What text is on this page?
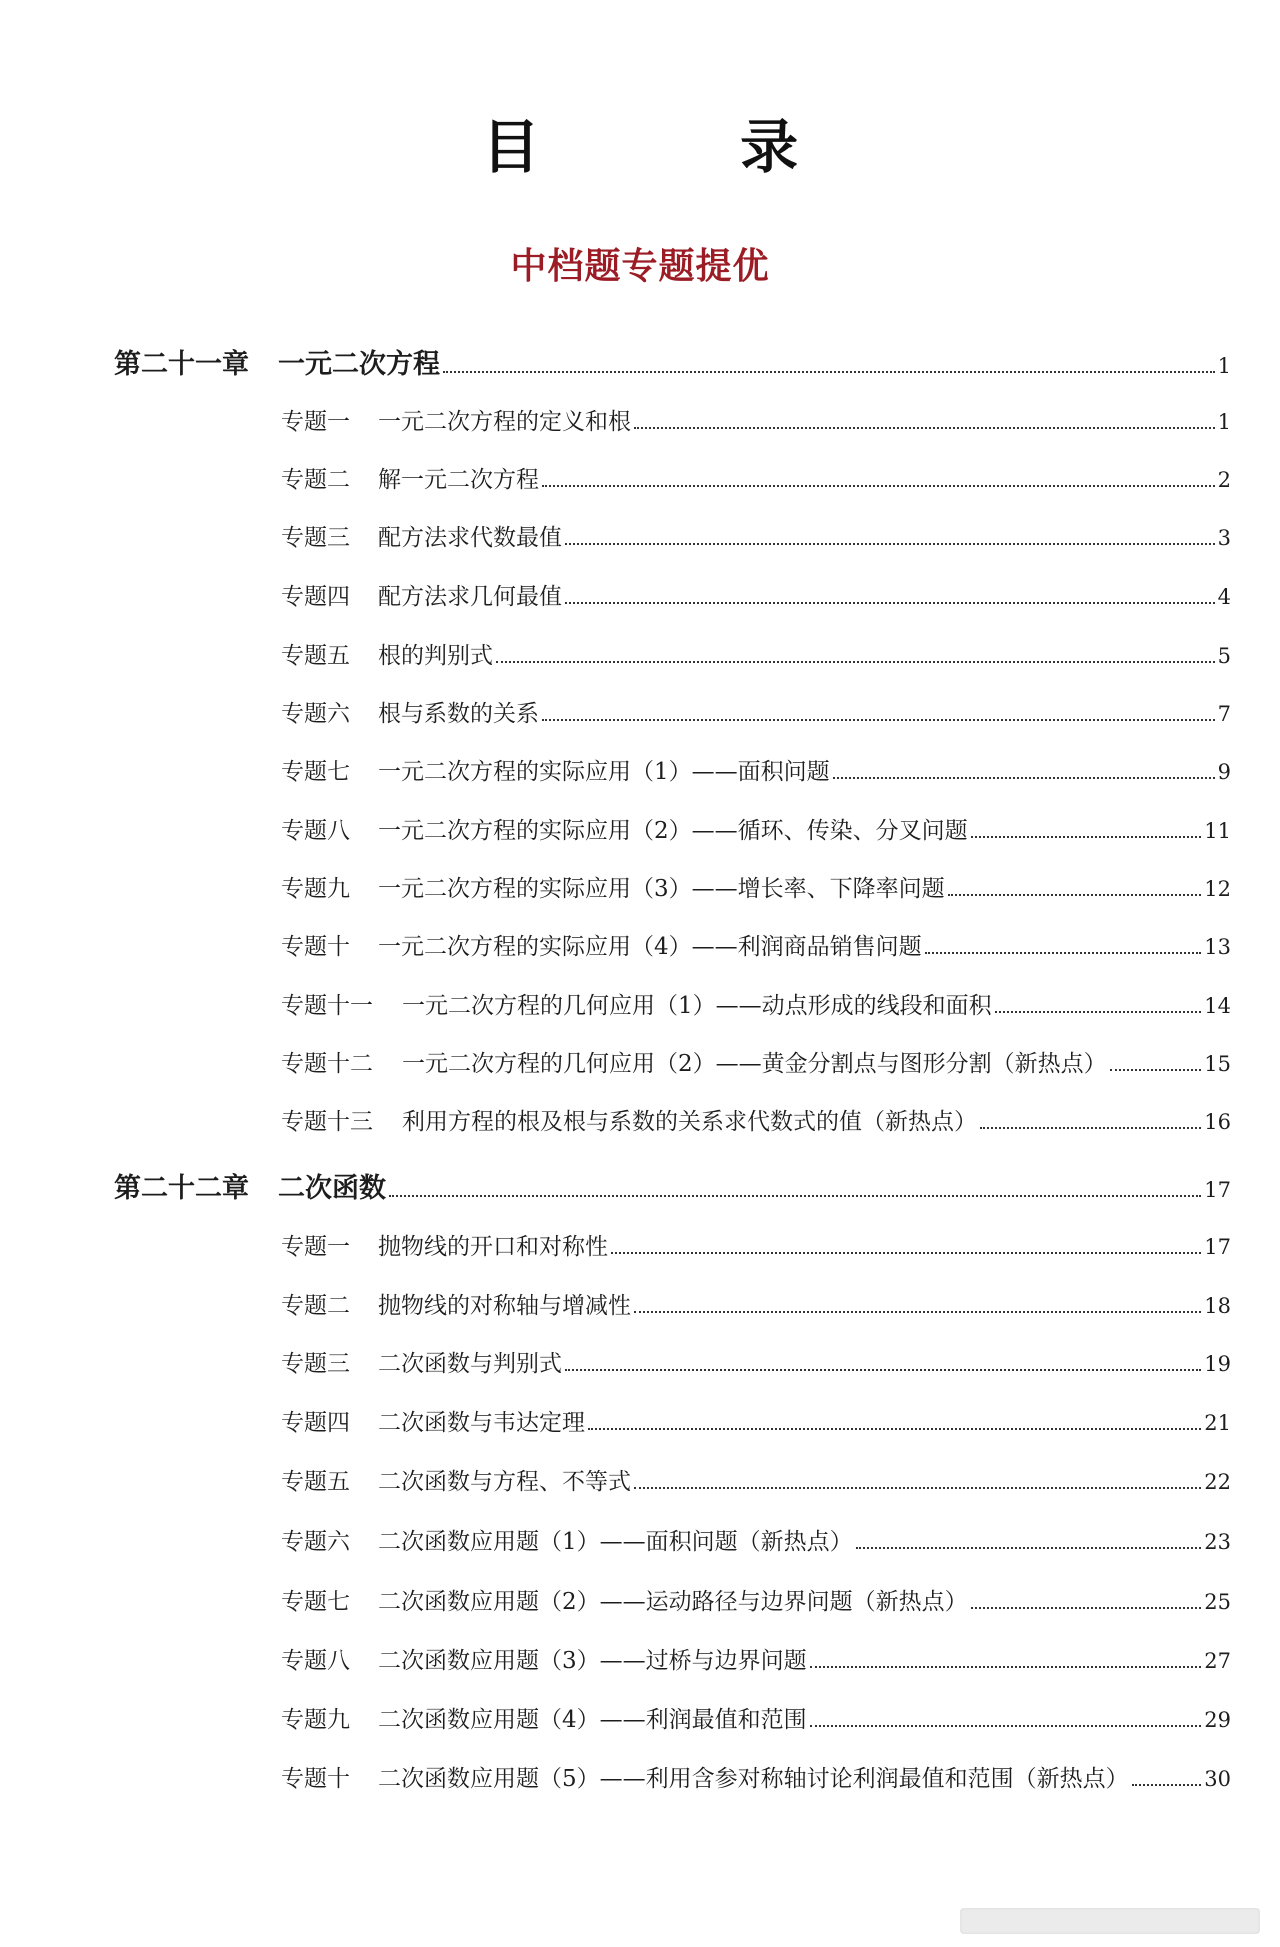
目 录
中档题专题提优
第二十一章	一元二次方程	1
专题一	一元二次方程的定义和根	1
专题二	解一元二次方程	2
专题三	配方法求代数最值	3
专题四	配方法求几何最值	4
专题五	根的判别式	5
专题六	根与系数的关系	7
专题七	一元二次方程的实际应用（1）——面积问题	9
专题八	一元二次方程的实际应用（2）——循环、传染、分叉问题	11
专题九	一元二次方程的实际应用（3）——增长率、下降率问题	12
专题十	一元二次方程的实际应用（4）——利润商品销售问题	13
专题十一	一元二次方程的几何应用（1）——动点形成的线段和面积	14
专题十二	一元二次方程的几何应用（2）——黄金分割点与图形分割（新热点）	15
专题十三	利用方程的根及根与系数的关系求代数式的值（新热点）	16
第二十二章	二次函数	17
专题一	抛物线的开口和对称性	17
专题二	抛物线的对称轴与增减性	18
专题三	二次函数与判别式	19
专题四	二次函数与韦达定理	21
专题五	二次函数与方程、不等式	22
专题六	二次函数应用题（1）——面积问题（新热点）	23
专题七	二次函数应用题（2）——运动路径与边界问题（新热点）	25
专题八	二次函数应用题（3）——过桥与边界问题	27
专题九	二次函数应用题（4）——利润最值和范围	29
专题十	二次函数应用题（5）——利用含参对称轴讨论利润最值和范围（新热点）	30
